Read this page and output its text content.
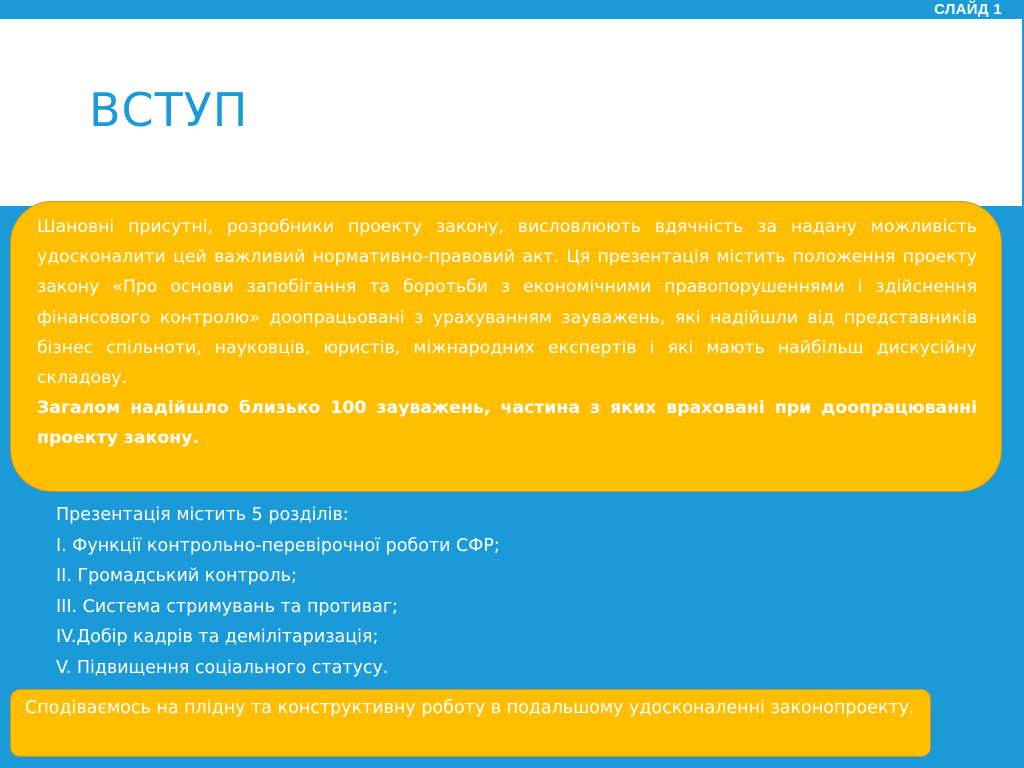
СЛАЙД 1
ВСТУП

Шановні присутні, розробники проекту закону, висловлюють вдячність за надану можливість удосконалити цей важливий нормативно-правовий акт. Ця презентація містить положення проекту закону «Про основи запобігання та боротьби з економічними правопорушеннями і здійснення фінансового контролю» доопрацьовані з урахуванням зауважень, які надійшли від представників бізнес спільноти, науковців, юристів, міжнародних експертів і які мають найбільш дискусійну складову.

Загалом надійшло близько 100 зауважень, частина з яких враховані при доопрацюванні проекту закону.

Презентація містить 5 розділів:
I. Функції контрольно-перевірочної роботи СФР;
II. Громадський контроль;
III. Система стримувань та противаг;
IV.Добір кадрів та демілітаризація;
V. Підвищення соціального статусу.
Сподіваємось на плідну та конструктивну роботу в подальшому удосконаленні законопроекту.
